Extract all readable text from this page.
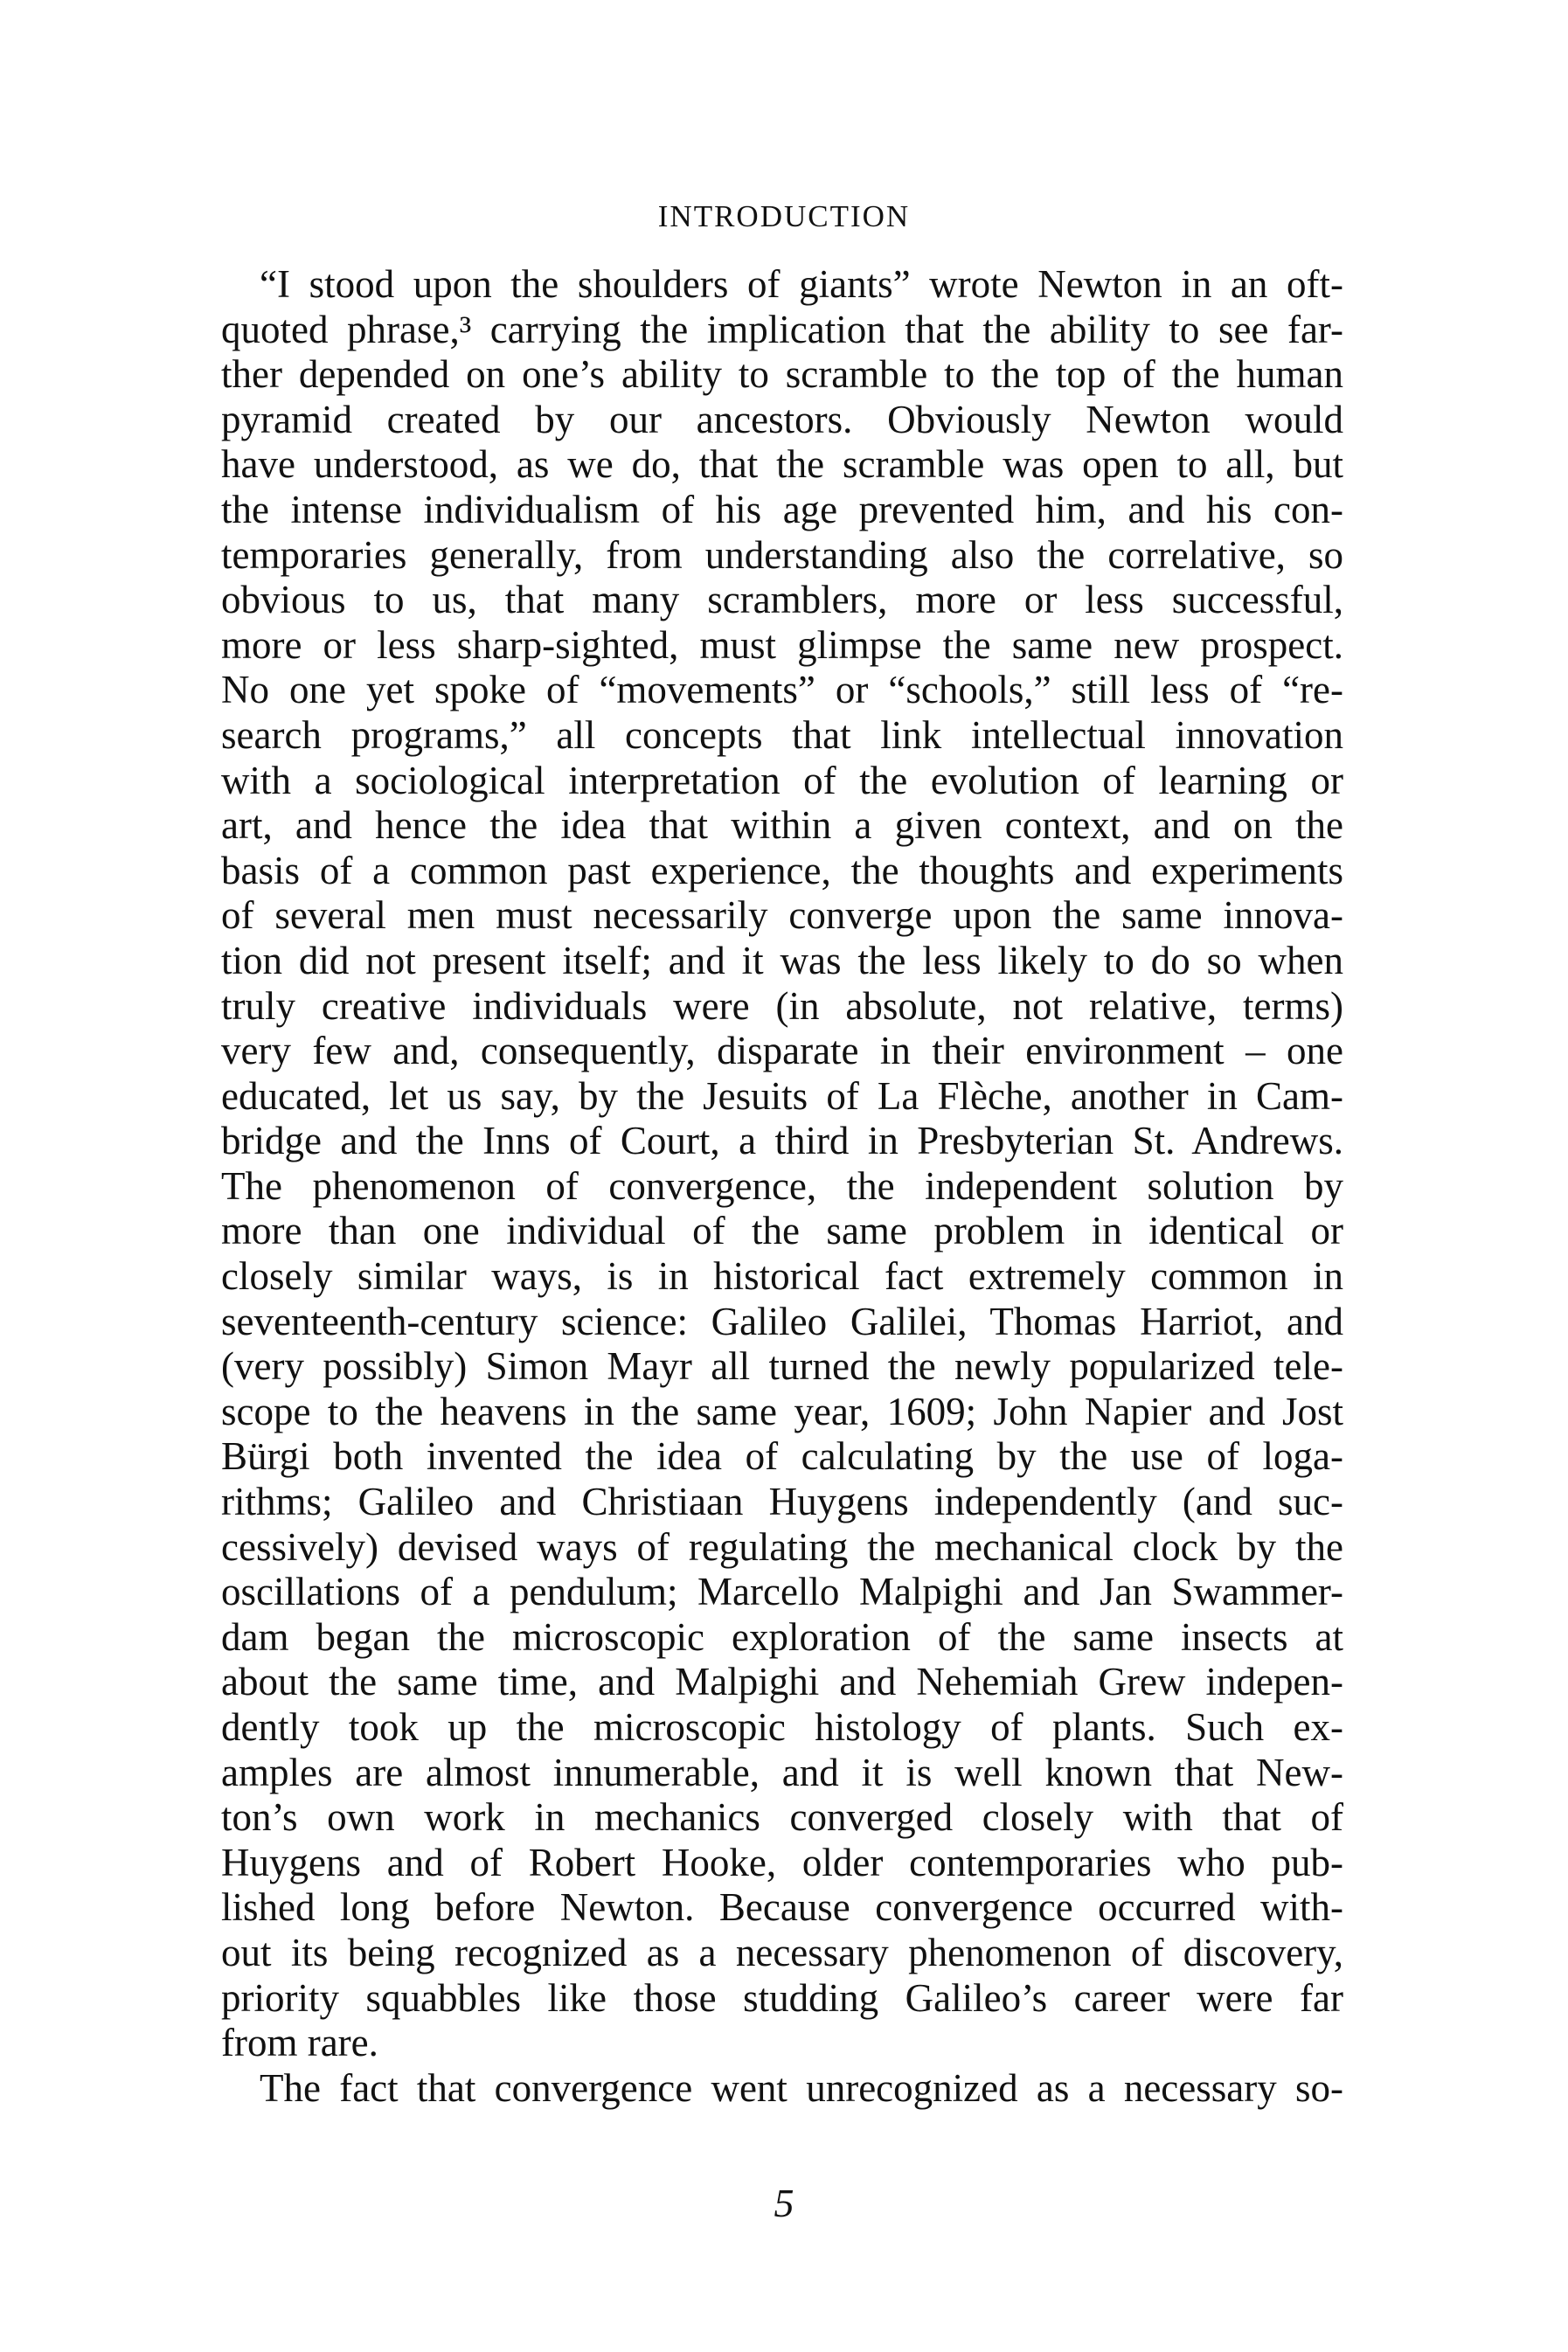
INTRODUCTION
“I stood upon the shoulders of giants” wrote Newton in an oft-
quoted phrase,³ carrying the implication that the ability to see far-
ther depended on one’s ability to scramble to the top of the human
pyramid created by our ancestors. Obviously Newton would
have understood, as we do, that the scramble was open to all, but
the intense individualism of his age prevented him, and his con-
temporaries generally, from understanding also the correlative, so
obvious to us, that many scramblers, more or less successful,
more or less sharp-sighted, must glimpse the same new prospect.
No one yet spoke of “movements” or “schools,” still less of “re-
search programs,” all concepts that link intellectual innovation
with a sociological interpretation of the evolution of learning or
art, and hence the idea that within a given context, and on the
basis of a common past experience, the thoughts and experiments
of several men must necessarily converge upon the same innova-
tion did not present itself; and it was the less likely to do so when
truly creative individuals were (in absolute, not relative, terms)
very few and, consequently, disparate in their environment – one
educated, let us say, by the Jesuits of La Flèche, another in Cam-
bridge and the Inns of Court, a third in Presbyterian St. Andrews.
The phenomenon of convergence, the independent solution by
more than one individual of the same problem in identical or
closely similar ways, is in historical fact extremely common in
seventeenth-century science: Galileo Galilei, Thomas Harriot, and
(very possibly) Simon Mayr all turned the newly popularized tele-
scope to the heavens in the same year, 1609; John Napier and Jost
Bürgi both invented the idea of calculating by the use of loga-
rithms; Galileo and Christiaan Huygens independently (and suc-
cessively) devised ways of regulating the mechanical clock by the
oscillations of a pendulum; Marcello Malpighi and Jan Swammer-
dam began the microscopic exploration of the same insects at
about the same time, and Malpighi and Nehemiah Grew indepen-
dently took up the microscopic histology of plants. Such ex-
amples are almost innumerable, and it is well known that New-
ton’s own work in mechanics converged closely with that of
Huygens and of Robert Hooke, older contemporaries who pub-
lished long before Newton. Because convergence occurred with-
out its being recognized as a necessary phenomenon of discovery,
priority squabbles like those studding Galileo’s career were far
from rare.
The fact that convergence went unrecognized as a necessary so-
5
